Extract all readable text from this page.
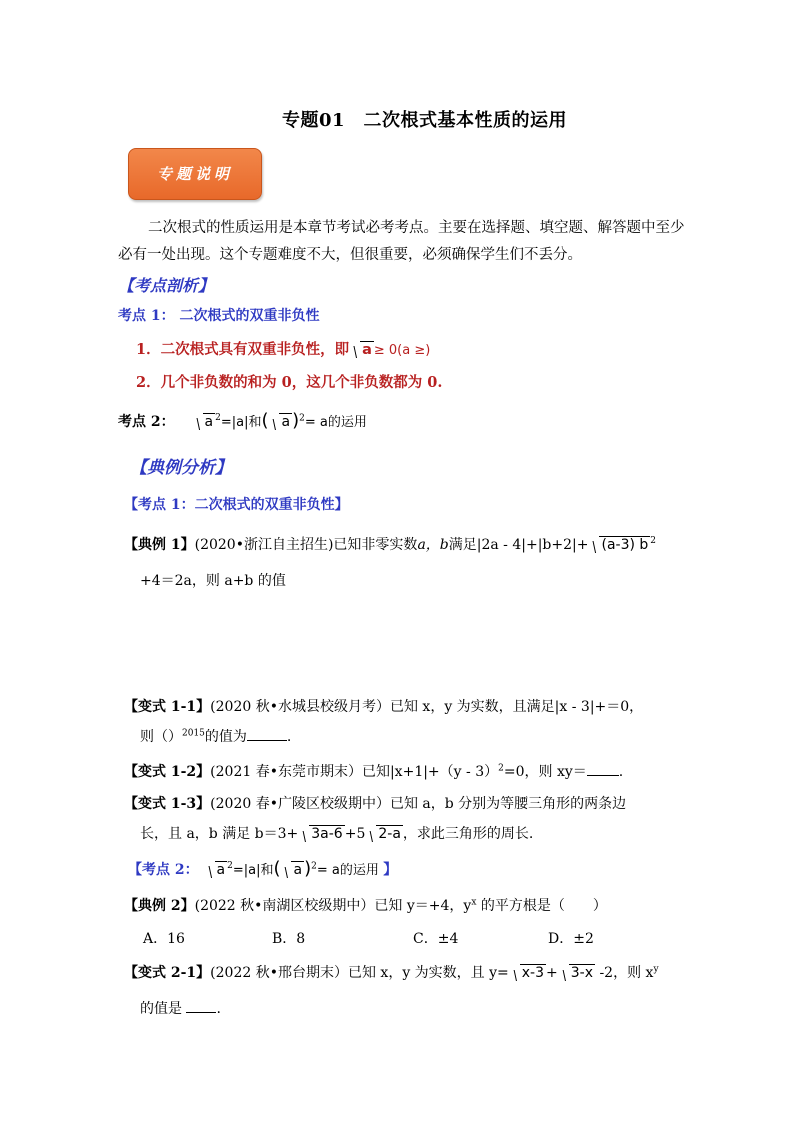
专题01　二次根式基本性质的运用
专题说明
二次根式的性质运用是本章节考试必考考点。主要在选择题、填空题、解答题中至少必有一处出现。这个专题难度不大，但很重要，必须确保学生们不丢分。
【考点剖析】
考点 1： 二次根式的双重非负性
1．二次根式具有双重非负性，即 a ≥ 0(a ≥)
2．几个非负数的和为 0，这几个非负数都为 0.
考点 2： a $^2$=|a|和( a )$^2$= a的运用
【典例分析】
【考点 1：二次根式的双重非负性】
【典例 1】(2020•浙江自主招生)已知非零实数a，b满足|2a - 4|+|b+2|+ (a-3) b $^2$
+4＝2a，则 a+b 的值
【变式 1-1】(2020 秋•水城县校级月考）已知 x，y 为实数，且满足|x - 3|+＝0，
则（）$^{2015}$的值为	.
【变式 1-2】(2021 春•东莞市期末）已知|x+1|+（y - 3）$^2$=0，则 xy＝ .
【变式 1-3】(2020 春•广陵区校级期中）已知 a，b 分别为等腰三角形的两条边
长，且 a，b 满足 b＝3+ 3a-6 +5 2-a ，求此三角形的周长.
【考点 2： a $^2$=|a|和( a )$^2$= a的运用 】
【典例 2】(2022 秋•南湖区校级期中）已知 y＝+4，$y^x$ 的平方根是（　　）
A．16	B．8	C．±4	D．±2
【变式 2-1】(2022 秋•邢台期末）已知 x，y 为实数，且 y= x-3 + 3-x -2，则 $x^y$
的值是 .
